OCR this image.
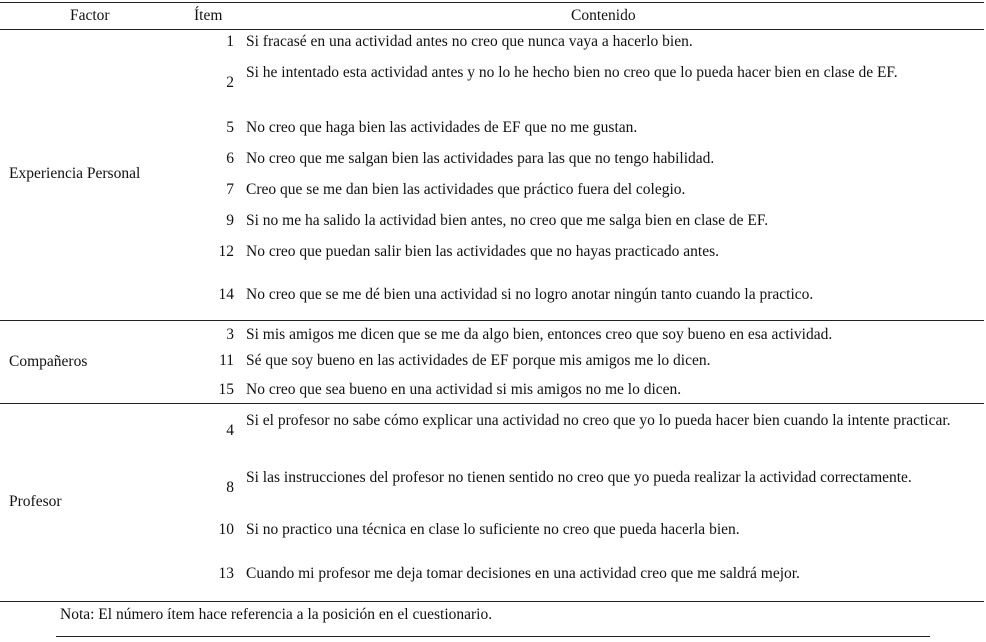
Factor	Ítem	Contenido
Experiencia Personal
1 Si fracasé en una actividad antes no creo que nunca vaya a hacerlo bien.
2
Si he intentado esta actividad antes y no lo he hecho bien no creo que lo pueda hacer bien en clase de EF.
5 No creo que haga bien las actividades de EF que no me gustan.
6 No creo que me salgan bien las actividades para las que no tengo habilidad.
7 Creo que se me dan bien las actividades que práctico fuera del colegio.
9 Si no me ha salido la actividad bien antes, no creo que me salga bien en clase de EF.
12 No creo que puedan salir bien las actividades que no hayas practicado antes.
14 No creo que se me dé bien una actividad si no logro anotar ningún tanto cuando la practico.
Compañeros
3 Si mis amigos me dicen que se me da algo bien, entonces creo que soy bueno en esa actividad.
11 Sé que soy bueno en las actividades de EF porque mis amigos me lo dicen.
15 No creo que sea bueno en una actividad si mis amigos no me lo dicen.
Profesor
4
Si el profesor no sabe cómo explicar una actividad no creo que yo lo pueda hacer bien cuando la intente practicar.
8
Si las instrucciones del profesor no tienen sentido no creo que yo pueda realizar la actividad correctamente.
10 Si no practico una técnica en clase lo suficiente no creo que pueda hacerla bien.
13 Cuando mi profesor me deja tomar decisiones en una actividad creo que me saldrá mejor.
Nota: El número ítem hace referencia a la posición en el cuestionario.
